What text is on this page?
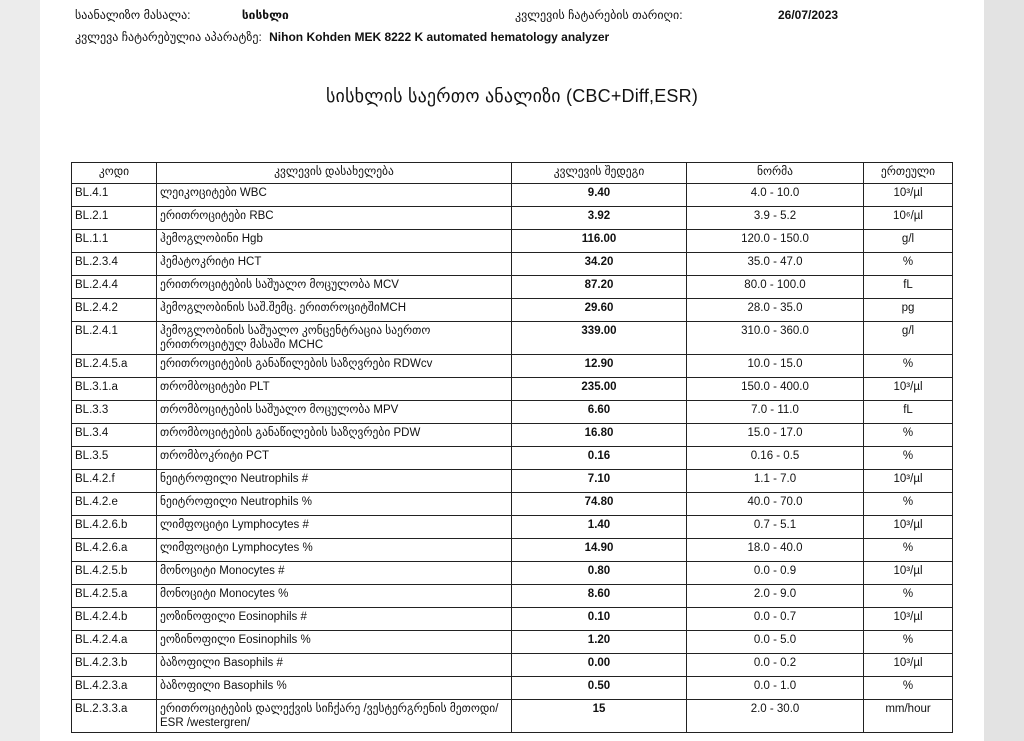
საანალიზო მასალა:	სისხლი	კვლევის ჩატარების თარიღი:	26/07/2023
კვლევა ჩატარებულია აპარატზე: Nihon Kohden MEK 8222 K automated hematology analyzer
სისხლის საერთო ანალიზი (CBC+Diff,ESR)
კოდი	კვლევის დასახელება	კვლევის შედეგი	ნორმა	ერთეული
BL.4.1	ლეიკოციტები WBC	9.40	4.0 - 10.0	10³/µl
BL.2.1	ერითროციტები RBC	3.92	3.9 - 5.2	10⁶/µl
BL.1.1	ჰემოგლობინი Hgb	116.00	120.0 - 150.0	g/l
BL.2.3.4	ჰემატოკრიტი HCT	34.20	35.0 - 47.0	%
BL.2.4.4	ერითროციტების საშუალო მოცულობა MCV	87.20	80.0 - 100.0	fL
BL.2.4.2	ჰემოგლობინის საშ.შემც. ერითროციტშიMCH	29.60	28.0 - 35.0	pg
BL.2.4.1	ჰემოგლობინის საშუალო კონცენტრაცია საერთო ერითროციტულ მასაში MCHC	339.00	310.0 - 360.0	g/l
BL.2.4.5.a	ერითროციტების განაწილების საზღვრები RDWcv	12.90	10.0 - 15.0	%
BL.3.1.a	თრომბოციტები PLT	235.00	150.0 - 400.0	10³/µl
BL.3.3	თრომბოციტების საშუალო მოცულობა MPV	6.60	7.0 - 11.0	fL
BL.3.4	თრომბოციტების განაწილების საზღვრები PDW	16.80	15.0 - 17.0	%
BL.3.5	თრომბოკრიტი PCT	0.16	0.16 - 0.5	%
BL.4.2.f	ნეიტროფილი Neutrophils #	7.10	1.1 - 7.0	10³/µl
BL.4.2.e	ნეიტროფილი Neutrophils %	74.80	40.0 - 70.0	%
BL.4.2.6.b	ლიმფოციტი Lymphocytes #	1.40	0.7 - 5.1	10³/µl
BL.4.2.6.a	ლიმფოციტი Lymphocytes %	14.90	18.0 - 40.0	%
BL.4.2.5.b	მონოციტი Monocytes #	0.80	0.0 - 0.9	10³/µl
BL.4.2.5.a	მონოციტი Monocytes %	8.60	2.0 - 9.0	%
BL.4.2.4.b	ეოზინოფილი Eosinophils #	0.10	0.0 - 0.7	10³/µl
BL.4.2.4.a	ეოზინოფილი Eosinophils %	1.20	0.0 - 5.0	%
BL.4.2.3.b	ბაზოფილი Basophils #	0.00	0.0 - 0.2	10³/µl
BL.4.2.3.a	ბაზოფილი Basophils %	0.50	0.0 - 1.0	%
BL.2.3.3.a	ერითროციტების დალექვის სიჩქარე /ვესტერგრენის მეთოდი/ ESR /westergren/	15	2.0 - 30.0	mm/hour
